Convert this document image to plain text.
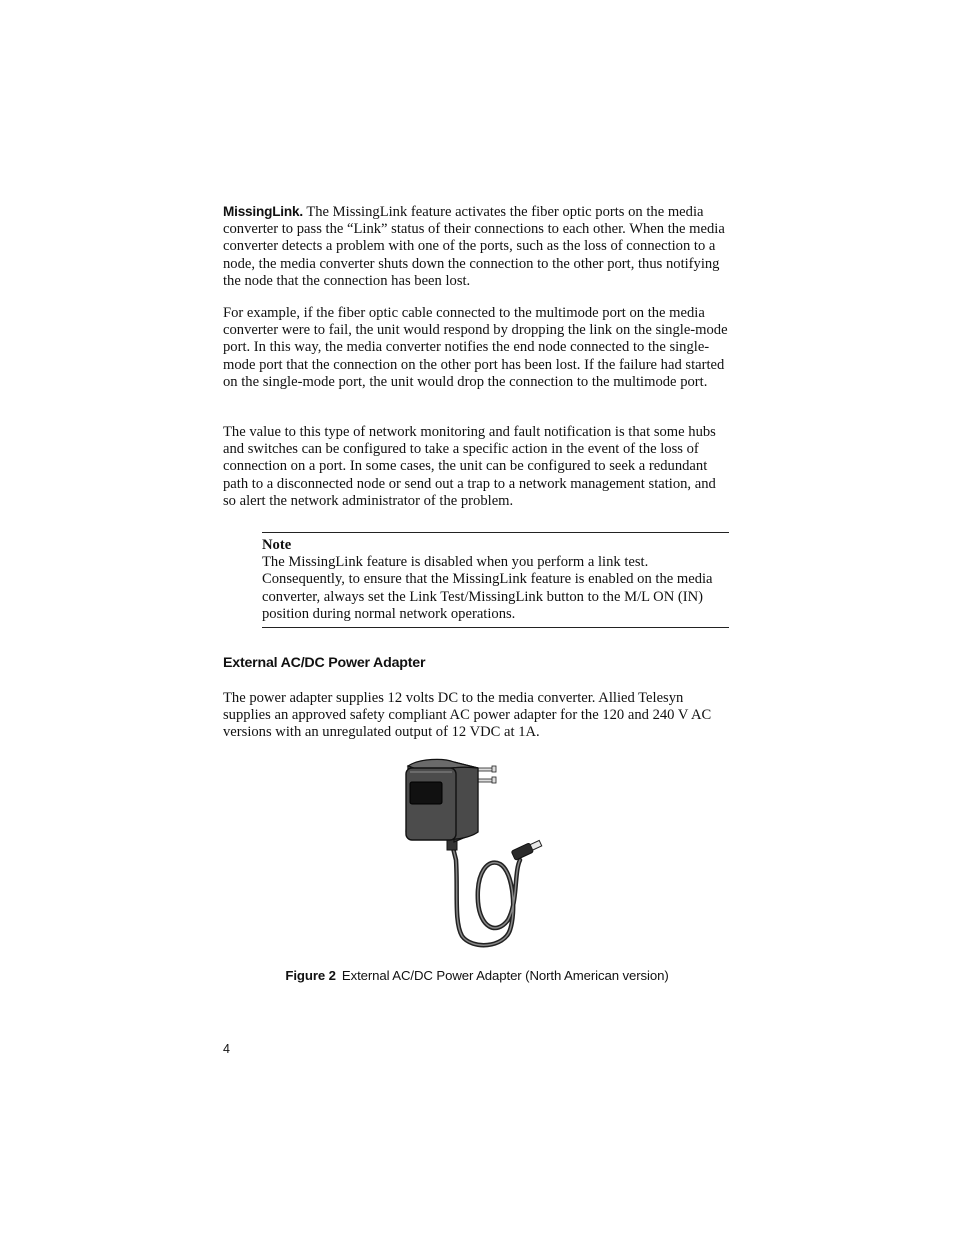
MissingLink. The MissingLink feature activates the fiber optic ports on the media converter to pass the “Link” status of their connections to each other. When the media converter detects a problem with one of the ports, such as the loss of connection to a node, the media converter shuts down the connection to the other port, thus notifying the node that the connection has been lost.

For example, if the fiber optic cable connected to the multimode port on the media converter were to fail, the unit would respond by dropping the link on the single-mode port. In this way, the media converter notifies the end node connected to the single-mode port that the connection on the other port has been lost. If the failure had started on the single-mode port, the unit would drop the connection to the multimode port.

The value to this type of network monitoring and fault notification is that some hubs and switches can be configured to take a specific action in the event of the loss of connection on a port. In some cases, the unit can be configured to seek a redundant path to a disconnected node or send out a trap to a network management station, and so alert the network administrator of the problem.

Note
The MissingLink feature is disabled when you perform a link test. Consequently, to ensure that the MissingLink feature is enabled on the media converter, always set the Link Test/MissingLink button to the M/L ON (IN) position during normal network operations.
External AC/DC Power Adapter

The power adapter supplies 12 volts DC to the media converter. Allied Telesyn supplies an approved safety compliant AC power adapter for the 120 and 240 V AC versions with an unregulated output of 12 VDC at 1A.

Figure 2 External AC/DC Power Adapter (North American version)
4
